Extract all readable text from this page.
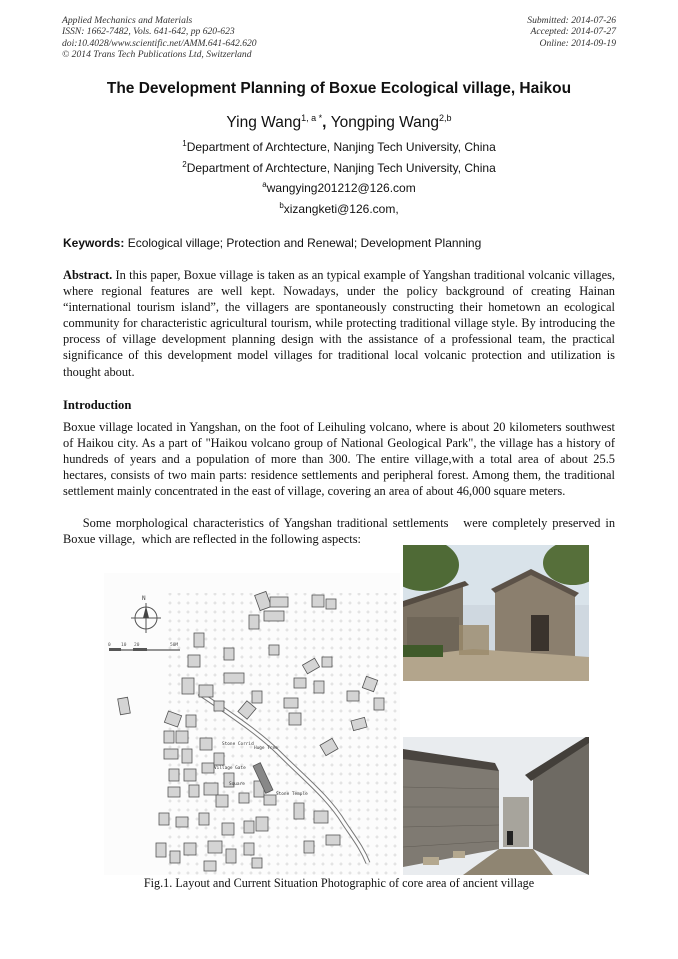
Applied Mechanics and Materials
ISSN: 1662-7482, Vols. 641-642, pp 620-623
doi:10.4028/www.scientific.net/AMM.641-642.620
© 2014 Trans Tech Publications Ltd, Switzerland
Submitted: 2014-07-26
Accepted: 2014-07-27
Online: 2014-09-19
The Development Planning of Boxue Ecological village, Haikou
Ying Wang$^{1, a *}$, Yongping Wang$^{2,b}$
$^1$Department of Archtecture, Nanjing Tech University, China
$^2$Department of Archtecture, Nanjing Tech University, China
$^a$wangying201212@126.com
$^b$xizangketi@126.com,
Keywords: Ecological village; Protection and Renewal; Development Planning
Abstract. In this paper, Boxue village is taken as an typical example of Yangshan traditional volcanic villages, where regional features are well kept. Nowadays, under the policy background of creating Hainan “international tourism island”, the villagers are spontaneously constructing their hometown an ecological community for characteristic agricultural tourism, while protecting traditional village style. By introducing the process of village development planning design with the assistance of a professional team, the practical significance of this development model villages for traditional local volcanic protection and utilization is thought about.
Introduction
Boxue village located in Yangshan, on the foot of Leihuling volcano, where is about 20 kilometers southwest of Haikou city. As a part of "Haikou volcano group of National Geological Park", the village has a history of hundreds of years and a population of more than 300. The entire village,with a total area of about 25.5 hectares, consists of two main parts: residence settlements and peripheral forest. Among them, the traditional settlement mainly concentrated in the east of village, covering an area of about 46,000 square meters.
Some morphological characteristics of Yangshan traditional settlements   were completely preserved in Boxue village,  which are reflected in the following aspects:
N
0 10 20	50M
Stone Corrid
Huge Tree
Village Gate
Square
Stone Temple
Fig.1. Layout and Current Situation Photographic of core area of ancient village
